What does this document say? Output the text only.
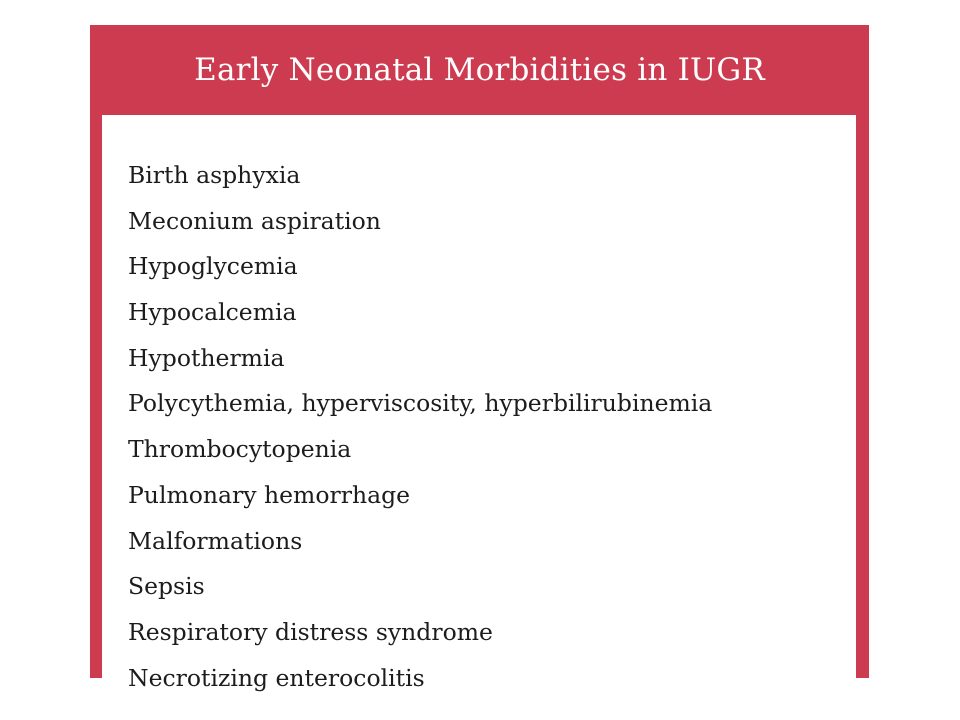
Early Neonatal Morbidities in IUGR
Birth asphyxia
Meconium aspiration
Hypoglycemia
Hypocalcemia
Hypothermia
Polycythemia, hyperviscosity, hyperbilirubinemia
Thrombocytopenia
Pulmonary hemorrhage
Malformations
Sepsis
Respiratory distress syndrome
Necrotizing enterocolitis
